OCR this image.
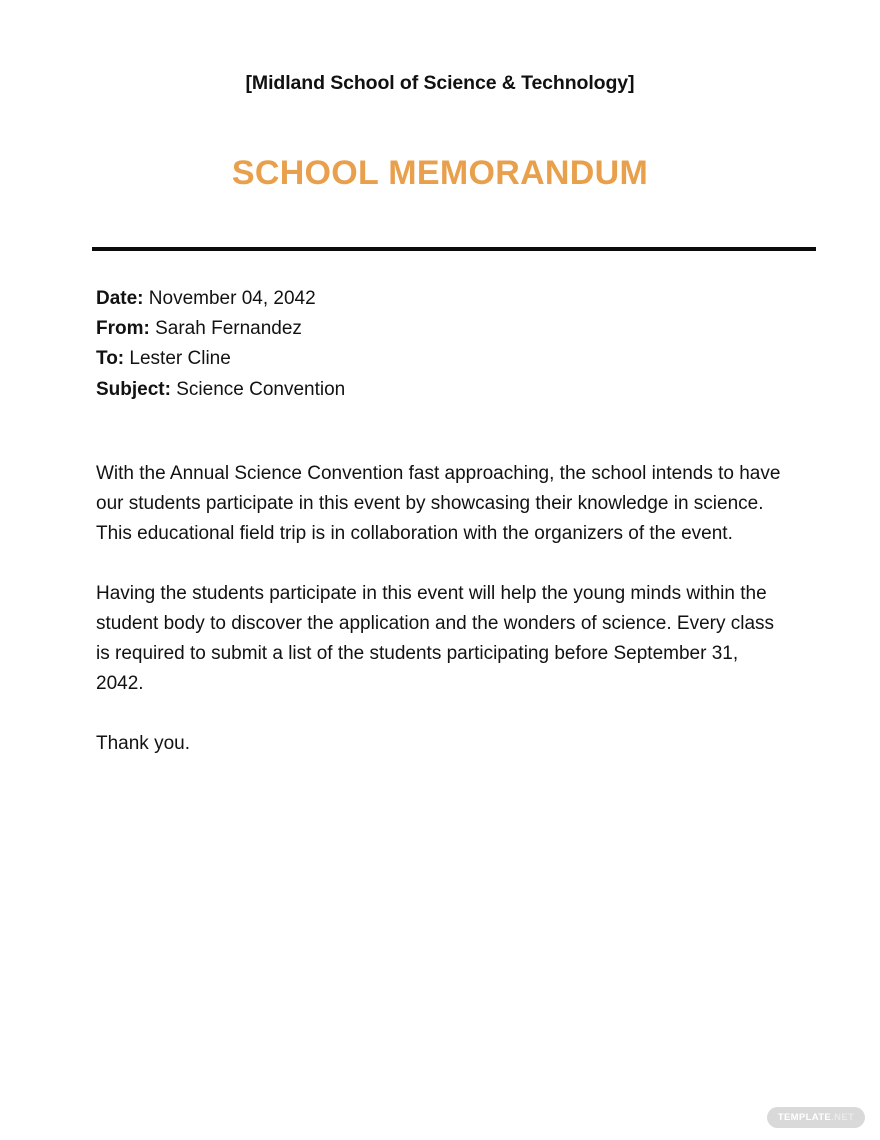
[Midland School of Science & Technology]
SCHOOL MEMORANDUM
Date: November 04, 2042
From: Sarah Fernandez
To: Lester Cline
Subject: Science Convention

With the Annual Science Convention fast approaching, the school intends to have our students participate in this event by showcasing their knowledge in science. This educational field trip is in collaboration with the organizers of the event.

Having the students participate in this event will help the young minds within the student body to discover the application and the wonders of science. Every class is required to submit a list of the students participating before September 31, 2042.

Thank you.

TEMPLATE.NET
